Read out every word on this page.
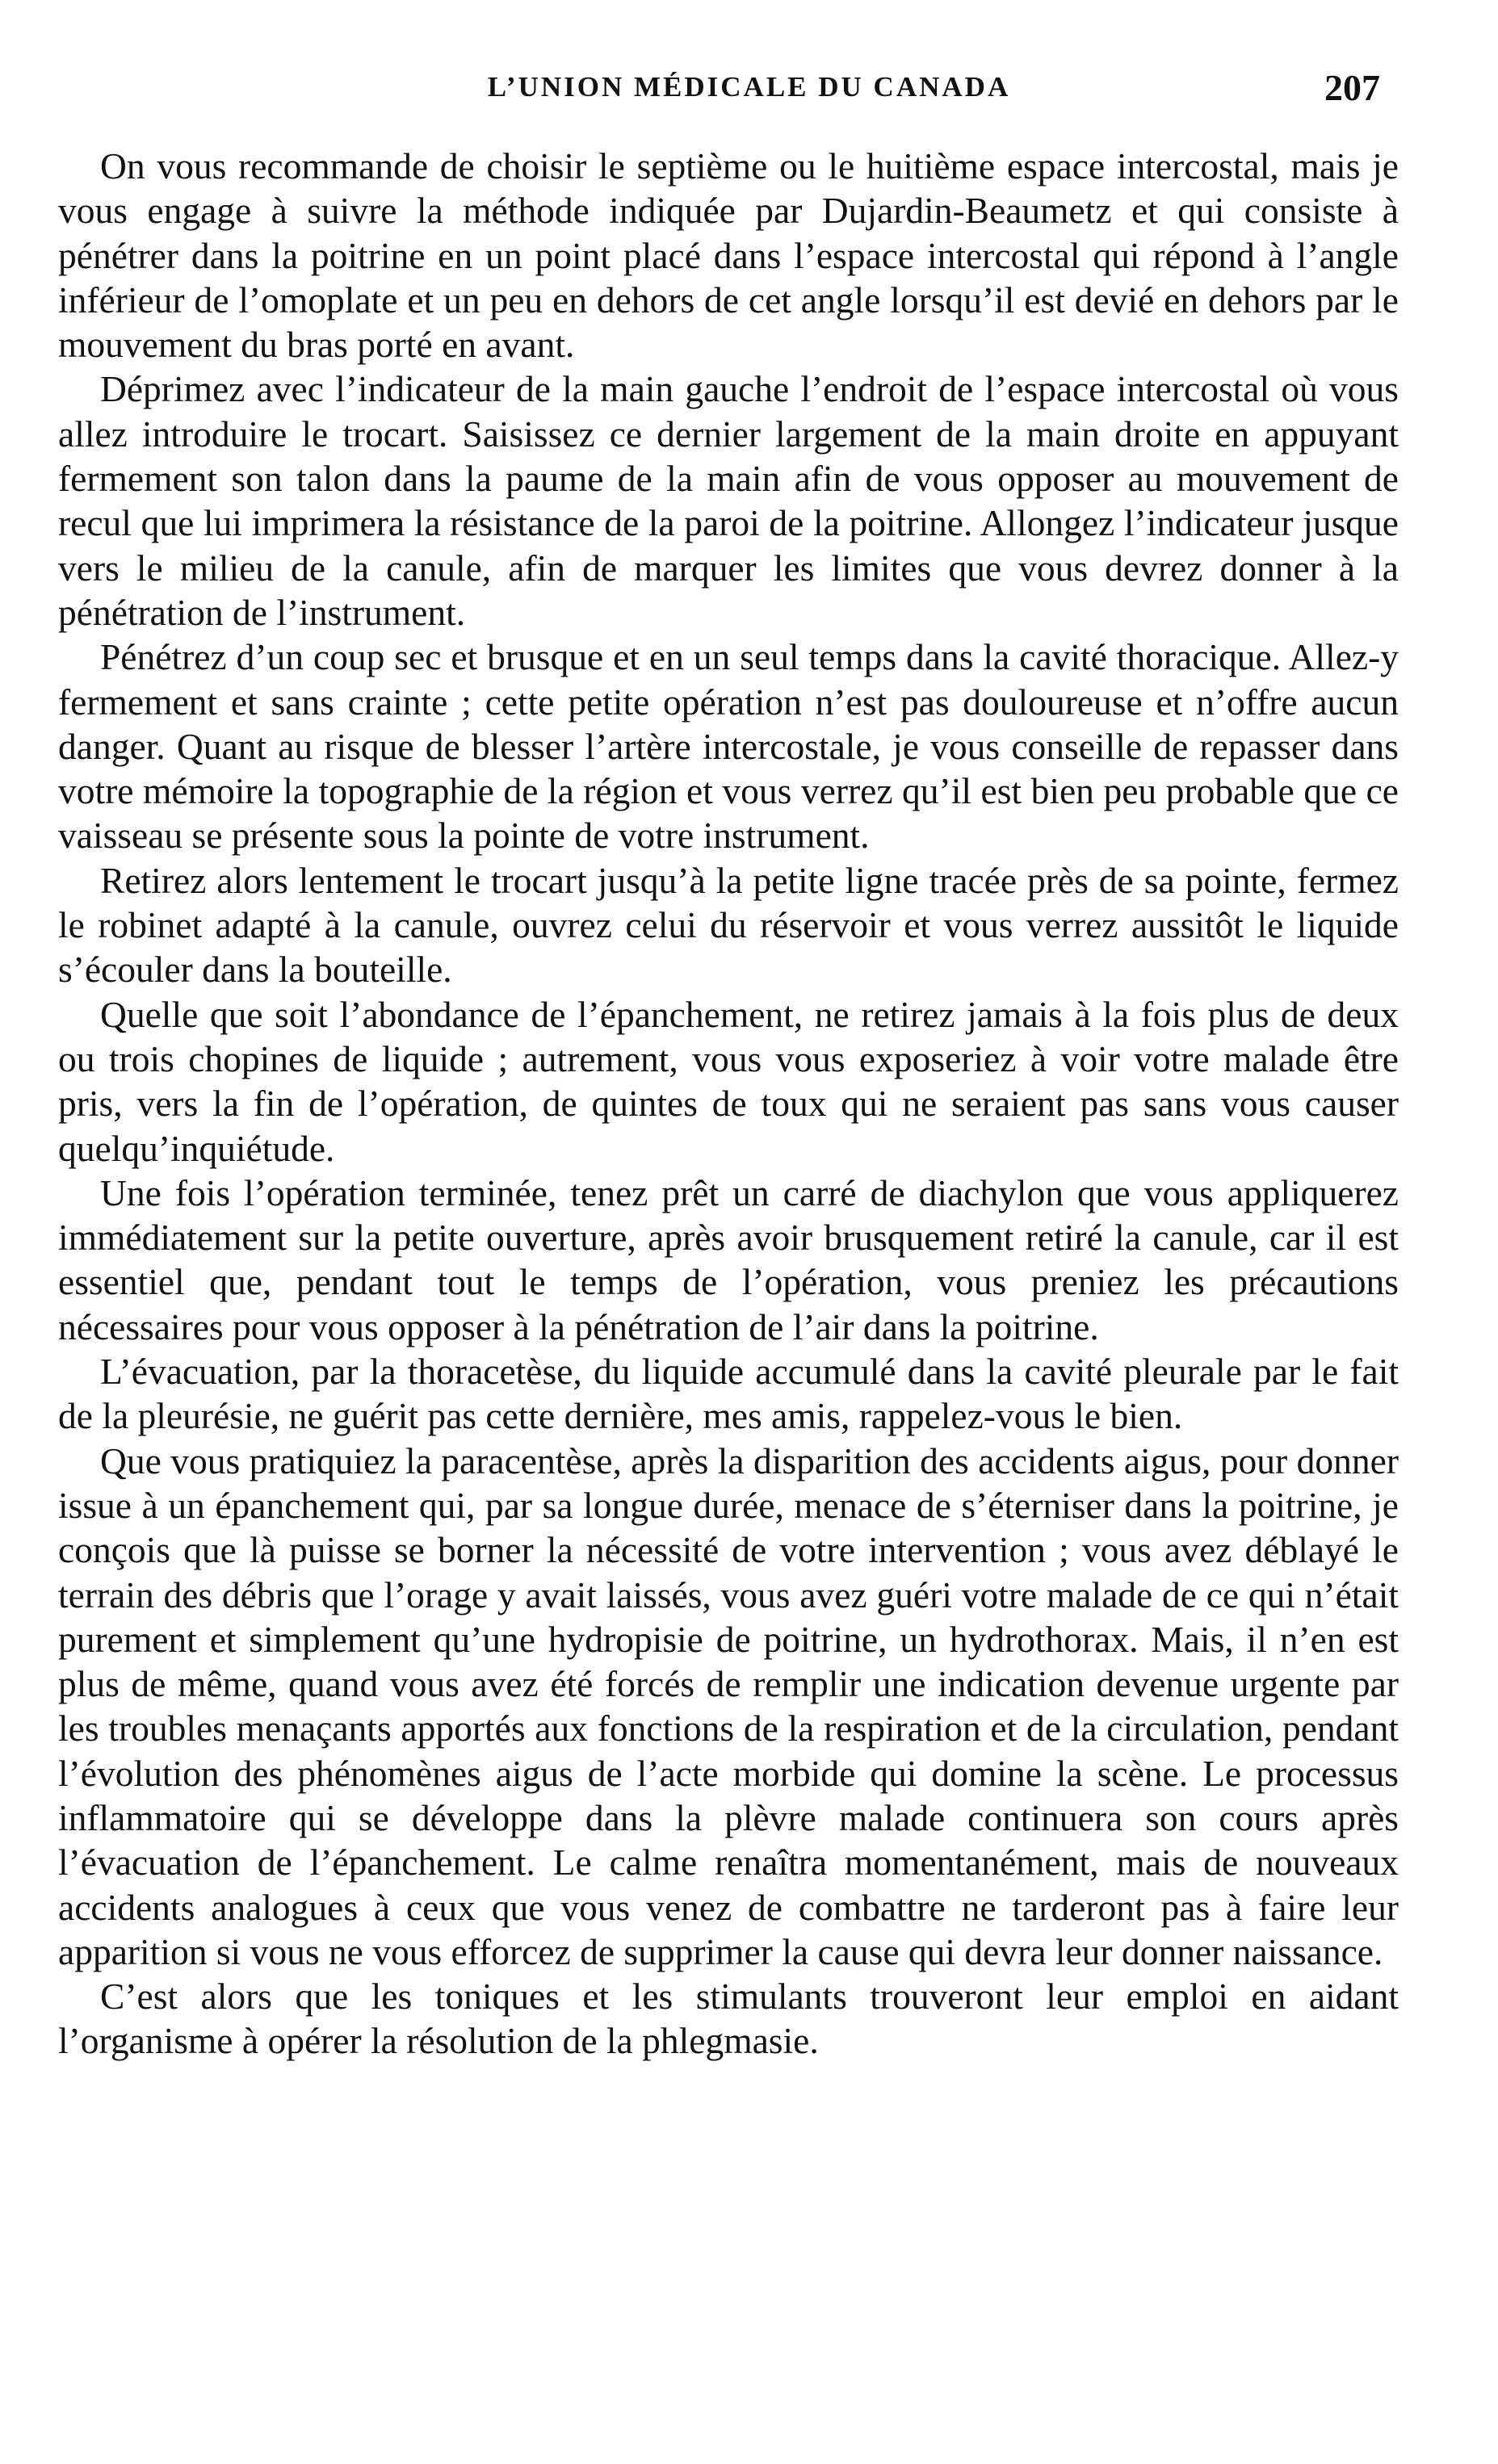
L’UNION MÉDICALE DU CANADA	207

On vous recommande de choisir le septième ou le huitième espace intercostal, mais je vous engage à suivre la méthode indiquée par Dujardin-Beaumetz et qui consiste à pénétrer dans la poitrine en un point placé dans l’espace intercostal qui répond à l’angle inférieur de l’omoplate et un peu en dehors de cet angle lorsqu’il est devié en dehors par le mouvement du bras porté en avant.

Déprimez avec l’indicateur de la main gauche l’endroit de l’espace intercostal où vous allez introduire le trocart. Saisissez ce dernier largement de la main droite en appuyant fermement son talon dans la paume de la main afin de vous opposer au mouvement de recul que lui imprimera la résistance de la paroi de la poitrine. Allongez l’indicateur jusque vers le milieu de la canule, afin de marquer les limites que vous devrez donner à la pénétration de l’instrument.

Pénétrez d’un coup sec et brusque et en un seul temps dans la cavité thoracique. Allez-y fermement et sans crainte ; cette petite opération n’est pas douloureuse et n’offre aucun danger. Quant au risque de blesser l’artère intercostale, je vous conseille de repasser dans votre mémoire la topographie de la région et vous verrez qu’il est bien peu probable que ce vaisseau se présente sous la pointe de votre instrument.

Retirez alors lentement le trocart jusqu’à la petite ligne tracée près de sa pointe, fermez le robinet adapté à la canule, ouvrez celui du réservoir et vous verrez aussitôt le liquide s’écouler dans la bouteille.

Quelle que soit l’abondance de l’épanchement, ne retirez jamais à la fois plus de deux ou trois chopines de liquide ; autrement, vous vous exposeriez à voir votre malade être pris, vers la fin de l’opération, de quintes de toux qui ne seraient pas sans vous causer quelqu’inquiétude.

Une fois l’opération terminée, tenez prêt un carré de diachylon que vous appliquerez immédiatement sur la petite ouverture, après avoir brusquement retiré la canule, car il est essentiel que, pendant tout le temps de l’opération, vous preniez les précautions nécessaires pour vous opposer à la pénétration de l’air dans la poitrine.

L’évacuation, par la thoracetèse, du liquide accumulé dans la cavité pleurale par le fait de la pleurésie, ne guérit pas cette dernière, mes amis, rappelez-vous le bien.

Que vous pratiquiez la paracentèse, après la disparition des accidents aigus, pour donner issue à un épanchement qui, par sa longue durée, menace de s’éterniser dans la poitrine, je conçois que là puisse se borner la nécessité de votre intervention ; vous avez déblayé le terrain des débris que l’orage y avait laissés, vous avez guéri votre malade de ce qui n’était purement et simplement qu’une hydropisie de poitrine, un hydrothorax. Mais, il n’en est plus de même, quand vous avez été forcés de remplir une indication devenue urgente par les troubles menaçants apportés aux fonctions de la respiration et de la circulation, pendant l’évolution des phénomènes aigus de l’acte morbide qui domine la scène. Le processus inflammatoire qui se développe dans la plèvre malade continuera son cours après l’évacuation de l’épanchement. Le calme renaîtra momentanément, mais de nouveaux accidents analogues à ceux que vous venez de combattre ne tarderont pas à faire leur apparition si vous ne vous efforcez de supprimer la cause qui devra leur donner naissance.

C’est alors que les toniques et les stimulants trouveront leur emploi en aidant l’organisme à opérer la résolution de la phlegmasie.
